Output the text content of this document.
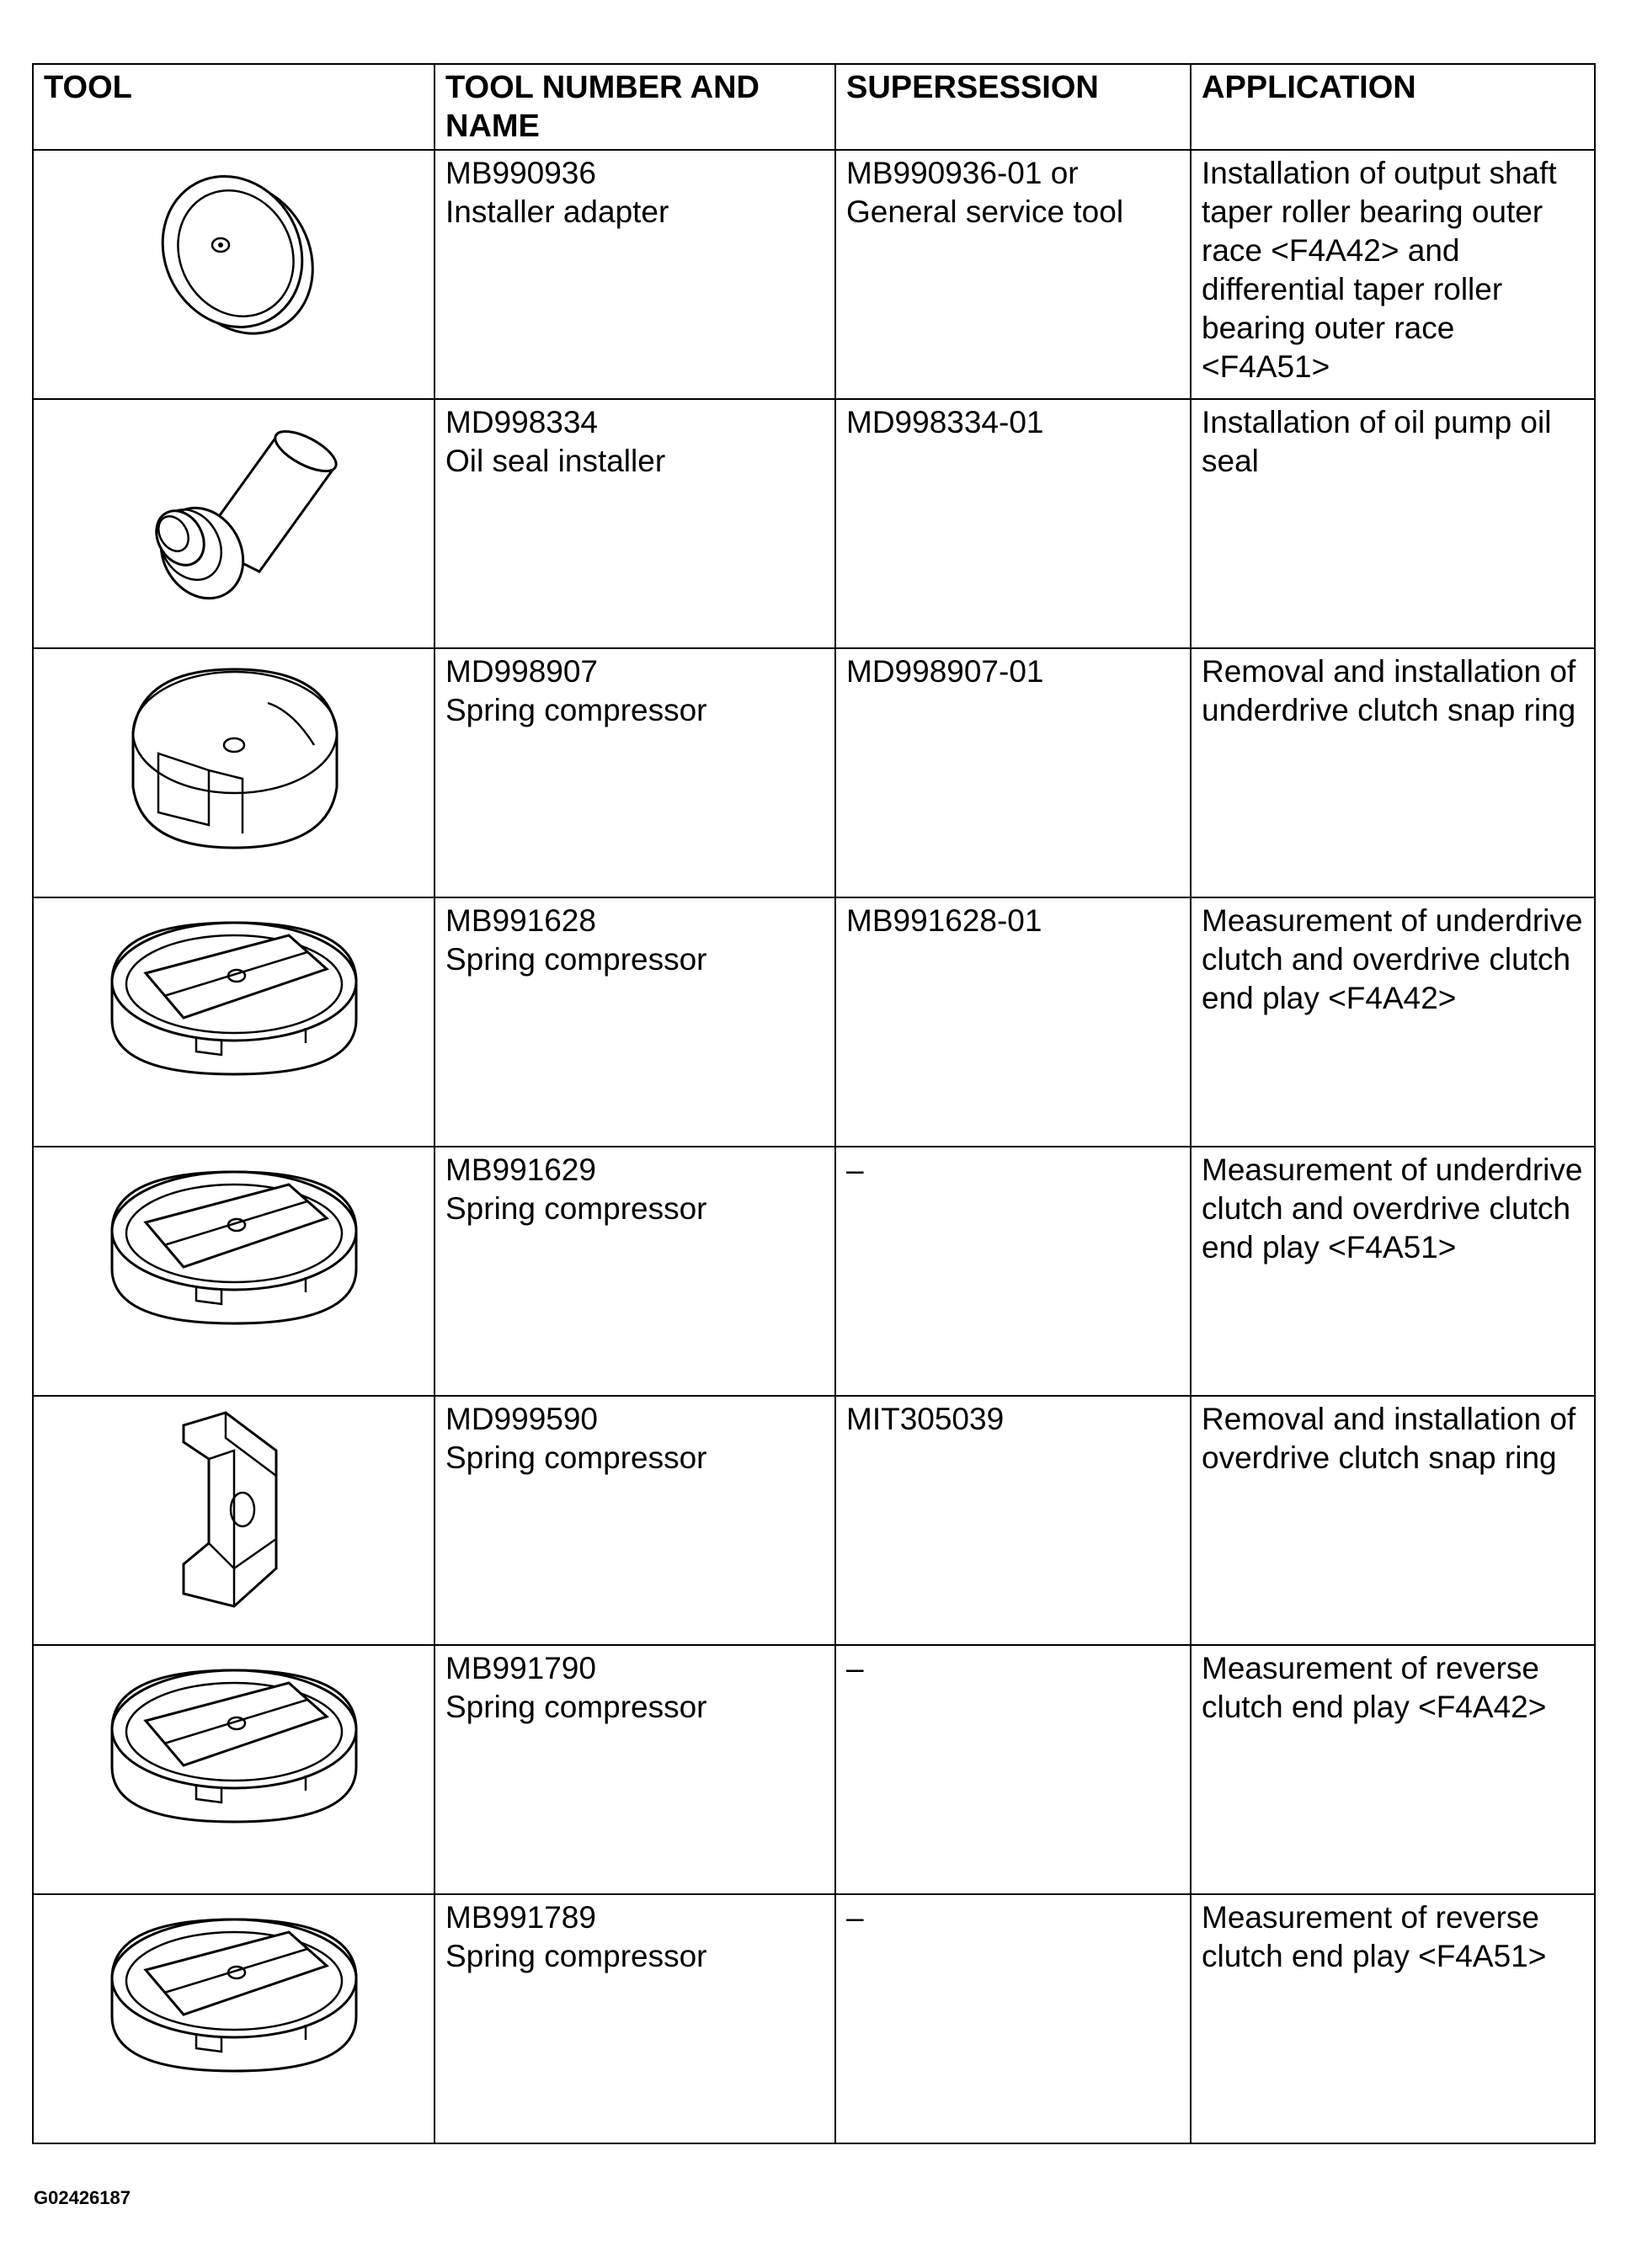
TOOL	TOOL NUMBER AND NAME	SUPERSESSION	APPLICATION

MB990936
Installer adapter	MB990936-01 or General service tool	Installation of output shaft taper roller bearing outer race <F4A42> and differential taper roller bearing outer race <F4A51>

MD998334
Oil seal installer	MD998334-01	Installation of oil pump oil seal

MD998907
Spring compressor	MD998907-01	Removal and installation of underdrive clutch snap ring

MB991628
Spring compressor	MB991628-01	Measurement of underdrive clutch and overdrive clutch end play <F4A42>

MB991629
Spring compressor	–	Measurement of underdrive clutch and overdrive clutch end play <F4A51>

MD999590
Spring compressor	MIT305039	Removal and installation of overdrive clutch snap ring

MB991790
Spring compressor	–	Measurement of reverse clutch end play <F4A42>

MB991789
Spring compressor	–	Measurement of reverse clutch end play <F4A51>
G02426187
